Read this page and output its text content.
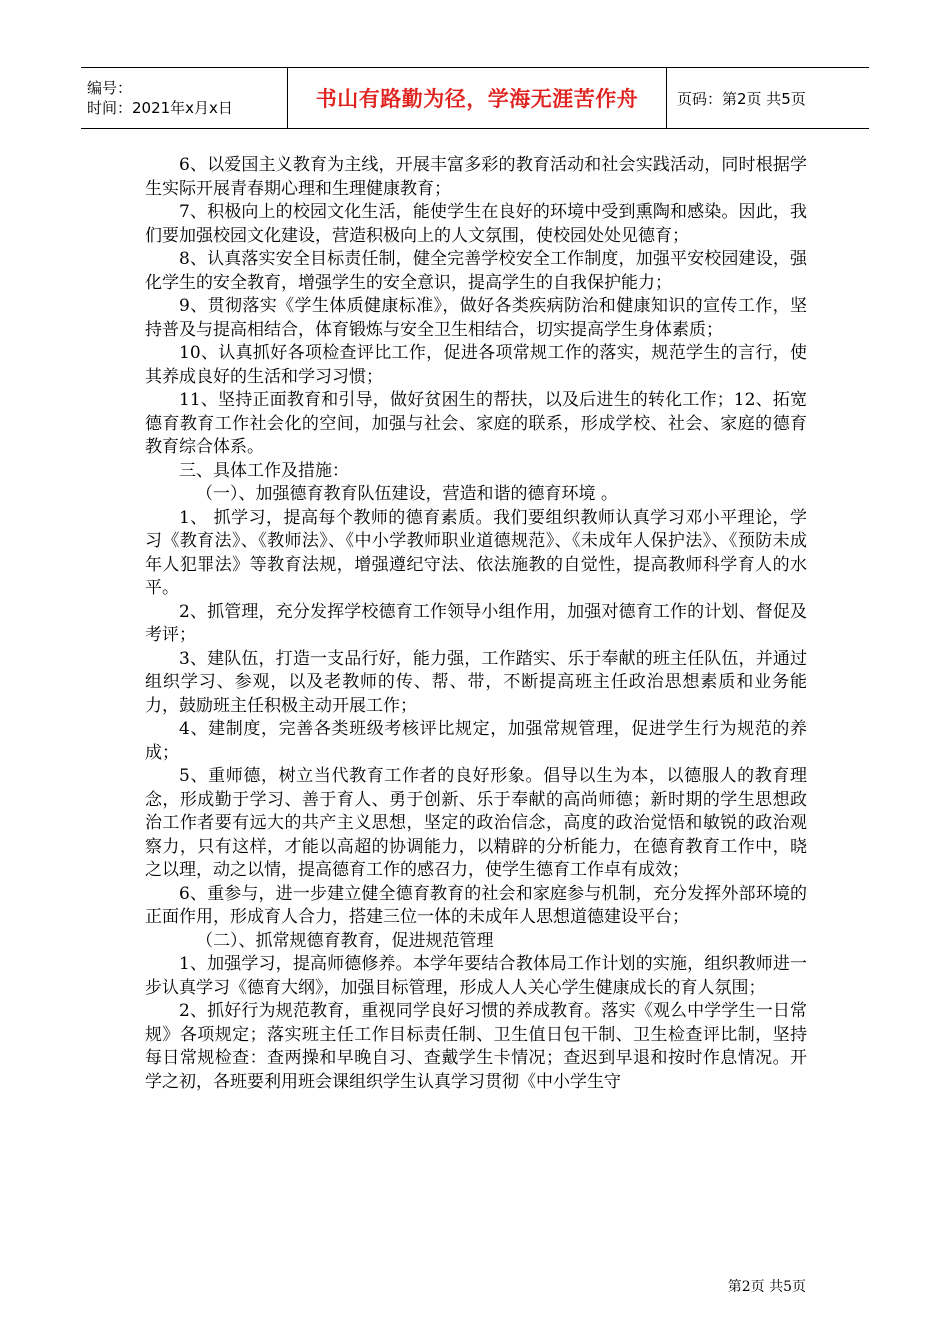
编号：
时间：2021年x月x日	书山有路勤为径，学海无涯苦作舟	页码：第2页 共5页

6、以爱国主义教育为主线，开展丰富多彩的教育活动和社会实践活动，同时根据学生实际开展青春期心理和生理健康教育；

7、积极向上的校园文化生活，能使学生在良好的环境中受到熏陶和感染。因此，我们要加强校园文化建设，营造积极向上的人文氛围，使校园处处见德育；

8、认真落实安全目标责任制，健全完善学校安全工作制度，加强平安校园建设，强化学生的安全教育，增强学生的安全意识，提高学生的自我保护能力；

9、贯彻落实《学生体质健康标准》，做好各类疾病防治和健康知识的宣传工作，坚持普及与提高相结合，体育锻炼与安全卫生相结合，切实提高学生身体素质；

10、认真抓好各项检查评比工作，促进各项常规工作的落实，规范学生的言行，使其养成良好的生活和学习习惯；

11、坚持正面教育和引导，做好贫困生的帮扶，以及后进生的转化工作；12、拓宽德育教育工作社会化的空间，加强与社会、家庭的联系，形成学校、社会、家庭的德育教育综合体系。

三、具体工作及措施：

（一）、加强德育教育队伍建设，营造和谐的德育环境 。

1、 抓学习，提高每个教师的德育素质。我们要组织教师认真学习邓小平理论，学习《教育法》、《教师法》、《中小学教师职业道德规范》、《未成年人保护法》、《预防未成年人犯罪法》等教育法规，增强遵纪守法、依法施教的自觉性，提高教师科学育人的水平。

2、抓管理，充分发挥学校德育工作领导小组作用，加强对德育工作的计划、督促及考评；

3、建队伍，打造一支品行好，能力强，工作踏实、乐于奉献的班主任队伍，并通过组织学习、参观，以及老教师的传、帮、带，不断提高班主任政治思想素质和业务能力，鼓励班主任积极主动开展工作；

4、建制度，完善各类班级考核评比规定，加强常规管理，促进学生行为规范的养成；

5、重师德，树立当代教育工作者的良好形象。倡导以生为本，以德服人的教育理念，形成勤于学习、善于育人、勇于创新、乐于奉献的高尚师德；新时期的学生思想政治工作者要有远大的共产主义思想，坚定的政治信念，高度的政治觉悟和敏锐的政治观察力，只有这样，才能以高超的协调能力，以精辟的分析能力，在德育教育工作中，晓之以理，动之以情，提高德育工作的感召力，使学生德育工作卓有成效；

6、重参与，进一步建立健全德育教育的社会和家庭参与机制，充分发挥外部环境的正面作用，形成育人合力，搭建三位一体的未成年人思想道德建设平台；

（二）、抓常规德育教育，促进规范管理

1、加强学习，提高师德修养。本学年要结合教体局工作计划的实施，组织教师进一步认真学习《德育大纲》，加强目标管理，形成人人关心学生健康成长的育人氛围；

2、抓好行为规范教育，重视同学良好习惯的养成教育。落实《观么中学学生一日常规》各项规定；落实班主任工作目标责任制、卫生值日包干制、卫生检查评比制，坚持每日常规检查：查两操和早晚自习、查戴学生卡情况；查迟到早退和按时作息情况。开学之初，各班要利用班会课组织学生认真学习贯彻《中小学生守

第2页 共5页
